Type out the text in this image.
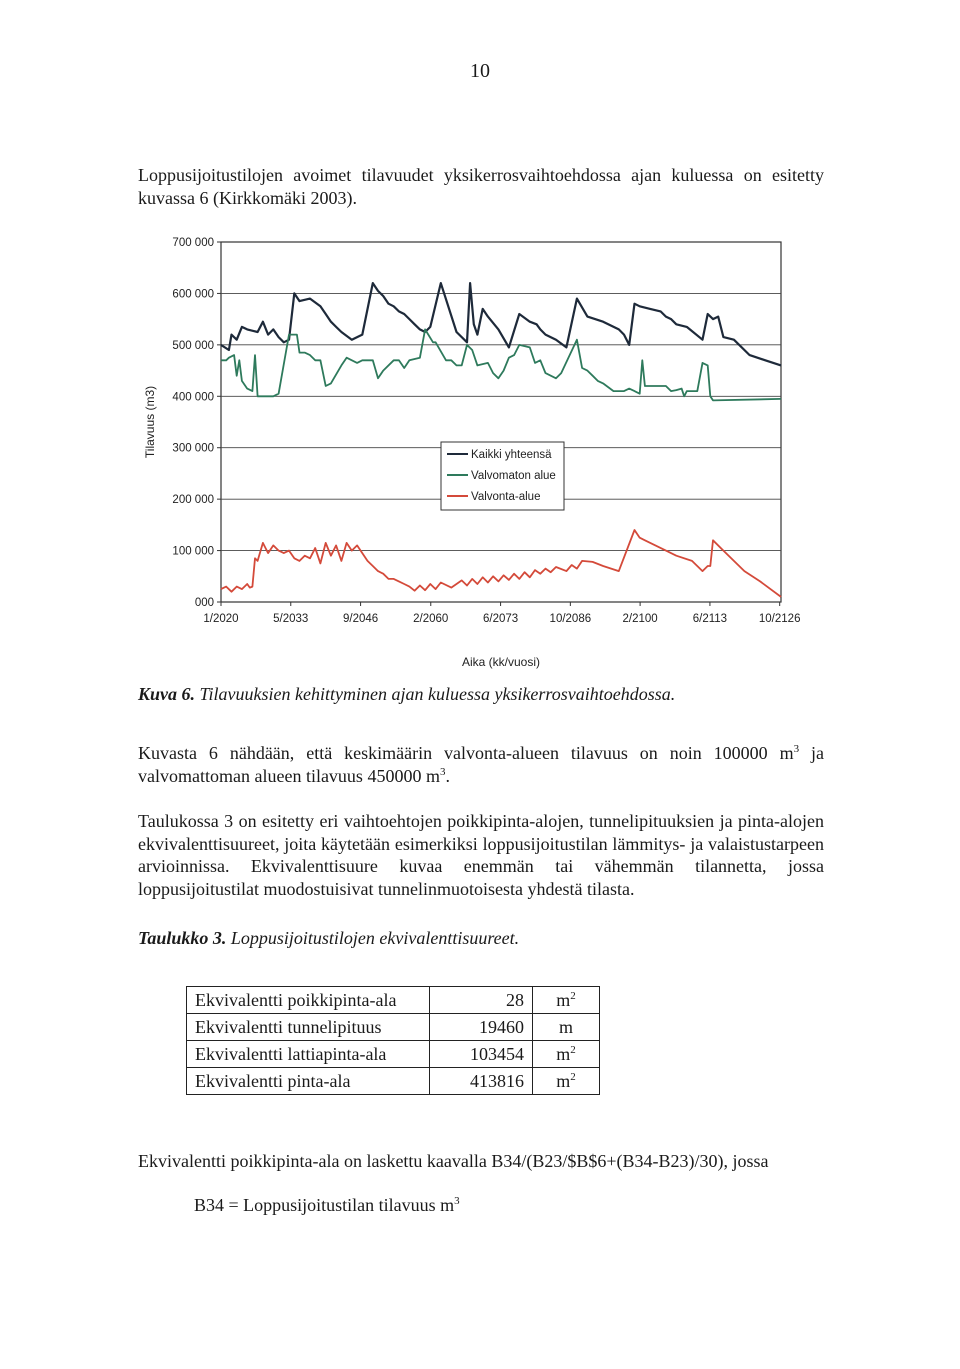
10

Loppusijoitustilojen avoimet tilavuudet yksikerrosvaihtoehdossa ajan kuluessa on esitetty kuvassa 6 (Kirkkomäki 2003).

700 000
600 000
500 000
400 000
300 000
200 000
100 000
000
1/2020	5/2033	9/2046	2/2060	6/2073	10/2086	2/2100	6/2113	10/2126
Tilavuus (m3)
Aika (kk/vuosi)
Kaikki yhteensä
Valvomaton alue
Valvonta-alue
Kuva 6. Tilavuuksien kehittyminen ajan kuluessa yksikerrosvaihtoehdossa.

Kuvasta 6 nähdään, että keskimäärin valvonta-alueen tilavuus on noin 100000 $m^3$ ja valvomattoman alueen tilavuus 450000 $m^3$.

Taulukossa 3 on esitetty eri vaihtoehtojen poikkipinta-alojen, tunnelipituuksien ja pinta-alojen ekvivalenttisuureet, joita käytetään esimerkiksi loppusijoitustilan lämmitys- ja valaistustarpeen arvioinnissa. Ekvivalenttisuure kuvaa enemmän tai vähemmän tilannetta, jossa loppusijoitustilat muodostuisivat tunnelinmuotoisesta yhdestä tilasta.

Taulukko 3. Loppusijoitustilojen ekvivalenttisuureet.
Ekvivalentti poikkipinta-ala	28	$m^2$
Ekvivalentti tunnelipituus	19460	m
Ekvivalentti lattiapinta-ala	103454	$m^2$
Ekvivalentti pinta-ala	413816	$m^2$

Ekvivalentti poikkipinta-ala on laskettu kaavalla B34/(B23/$B$6+(B34-B23)/30), jossa

B34 = Loppusijoitustilan tilavuus $m^3$
